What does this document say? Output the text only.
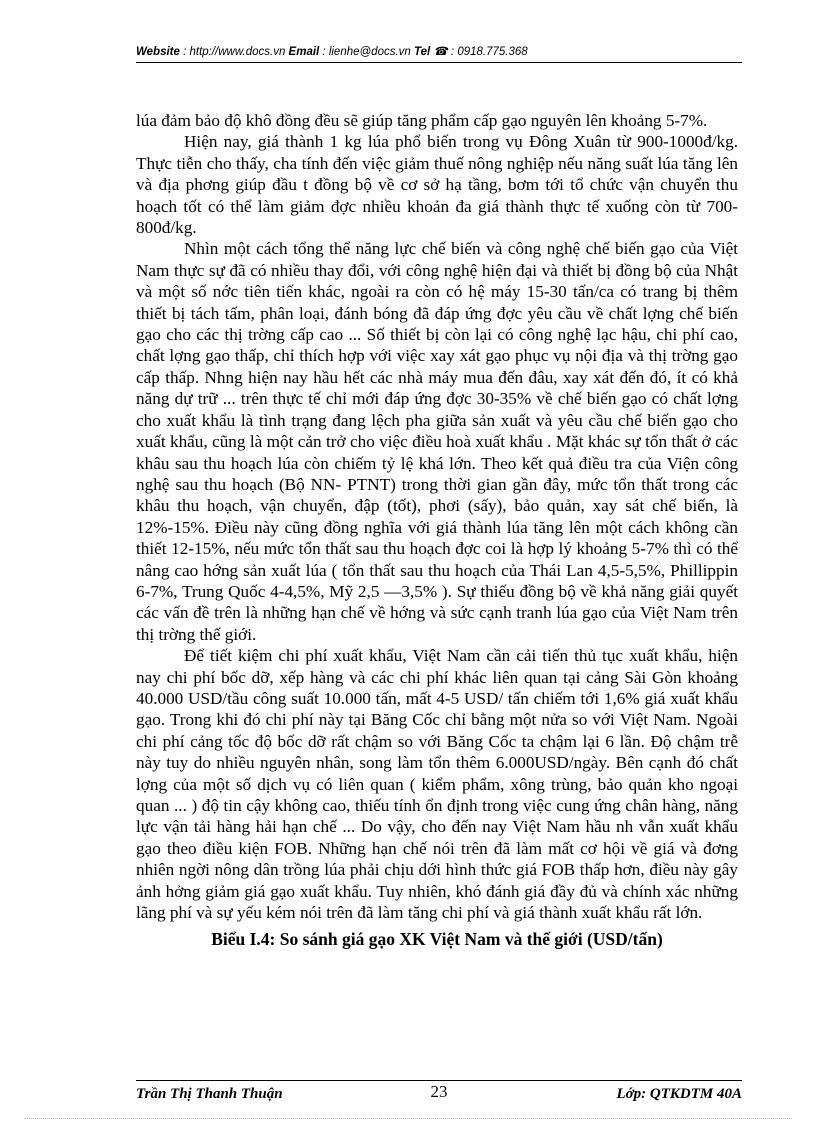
Website : http://www.docs.vn Email : lienhe@docs.vn Tel ☎ : 0918.775.368

lúa đảm bảo độ khô đồng đều sẽ giúp tăng phẩm cấp gạo nguyên lên khoảng 5-7%.

Hiện nay, giá thành 1 kg lúa phổ biến trong vụ Đông Xuân từ 900-1000đ/kg. Thực tiễn cho thấy, cha tính đến việc giảm thuế nông nghiệp nếu năng suất lúa tăng lên và địa phơng giúp đầu t đồng bộ về cơ sở hạ tầng, bơm tới tổ chức vận chuyển thu hoạch tốt có thể làm giảm đợc nhiều khoản đa giá thành thực tế xuống còn từ 700-800đ/kg.

Nhìn một cách tổng thể năng lực chế biến và công nghệ chế biến gạo của Việt Nam thực sự đã có nhiều thay đổi, với công nghệ hiện đại và thiết bị đồng bộ của Nhật và một số nớc tiên tiến khác, ngoài ra còn có hệ máy 15-30 tấn/ca có trang bị thêm thiết bị tách tấm, phân loại, đánh bóng đã đáp ứng đợc yêu cầu về chất lợng chế biến gạo cho các thị trờng cấp cao ... Số thiết bị còn lại có công nghệ lạc hậu, chi phí cao, chất lợng gạo thấp, chỉ thích hợp với việc xay xát gạo phục vụ nội địa và thị trờng gạo cấp thấp. Nhng hiện nay hầu hết các nhà máy mua đến đâu, xay xát đến đó, ít có khả năng dự trữ ... trên thực tế chỉ mới đáp ứng đợc 30-35% về chế biến gạo có chất lợng cho xuất khẩu là tình trạng đang lệch pha giữa sản xuất và yêu cầu chế biến gạo cho xuất khẩu, cũng là một cản trở cho việc điều hoà xuất khẩu . Mặt khác sự tổn thất ở các khâu sau thu hoạch lúa còn chiếm tỷ lệ khá lớn. Theo kết quả điều tra của Viện công nghệ sau thu hoạch (Bộ NN- PTNT) trong thời gian gần đây, mức tổn thất trong các khâu thu hoạch, vận chuyển, đập (tốt), phơi (sấy), bảo quản, xay sát chế biến, là 12%-15%. Điều này cũng đồng nghĩa với giá thành lúa tăng lên một cách không cần thiết 12-15%, nếu mức tổn thất sau thu hoạch đợc coi là hợp lý khoảng 5-7% thì có thể nâng cao hớng sản xuất lúa ( tổn thất sau thu hoạch của Thái Lan 4,5-5,5%, Phillippin 6-7%, Trung Quốc 4-4,5%, Mỹ 2,5 —3,5% ). Sự thiếu đồng bộ về khả năng giải quyết các vấn đề trên là những hạn chế về hớng và sức cạnh tranh lúa gạo của Việt Nam trên thị trờng thế giới.

Để tiết kiệm chi phí xuất khẩu, Việt Nam cần cải tiến thủ tục xuất khẩu, hiện nay chi phí bốc dỡ, xếp hàng và các chi phí khác liên quan tại cảng Sài Gòn khoảng 40.000 USD/tầu công suất 10.000 tấn, mất 4-5 USD/ tấn chiếm tới 1,6% giá xuất khẩu gạo. Trong khi đó chi phí này tại Băng Cốc chỉ bằng một nửa so với Việt Nam. Ngoài chi phí cảng tốc độ bốc dỡ rất chậm so với Băng Cốc ta chậm lại 6 lần. Độ chậm trễ này tuy do nhiều nguyên nhân, song làm tổn thêm 6.000USD/ngày. Bên cạnh đó chất lợng của một số dịch vụ có liên quan ( kiểm phẩm, xông trùng, bảo quản kho ngoại quan ... ) độ tin cậy không cao, thiếu tính ổn định trong việc cung ứng chân hàng, năng lực vận tải hàng hải hạn chế ... Do vậy, cho đến nay Việt Nam hầu nh vẫn xuất khẩu gạo theo điều kiện FOB. Những hạn chế nói trên đã làm mất cơ hội về giá và đơng nhiên ngời nông dân trồng lúa phải chịu dới hình thức giá FOB thấp hơn, điều này gây ảnh hởng giảm giá gạo xuất khẩu. Tuy nhiên, khó đánh giá đầy đủ và chính xác những lãng phí và sự yếu kém nói trên đã làm tăng chi phí và giá thành xuất khẩu rất lớn.

Biểu I.4: So sánh giá gạo XK Việt Nam và thế giới (USD/tấn)

Trần Thị Thanh Thuận	23	Lớp: QTKDTM 40A
